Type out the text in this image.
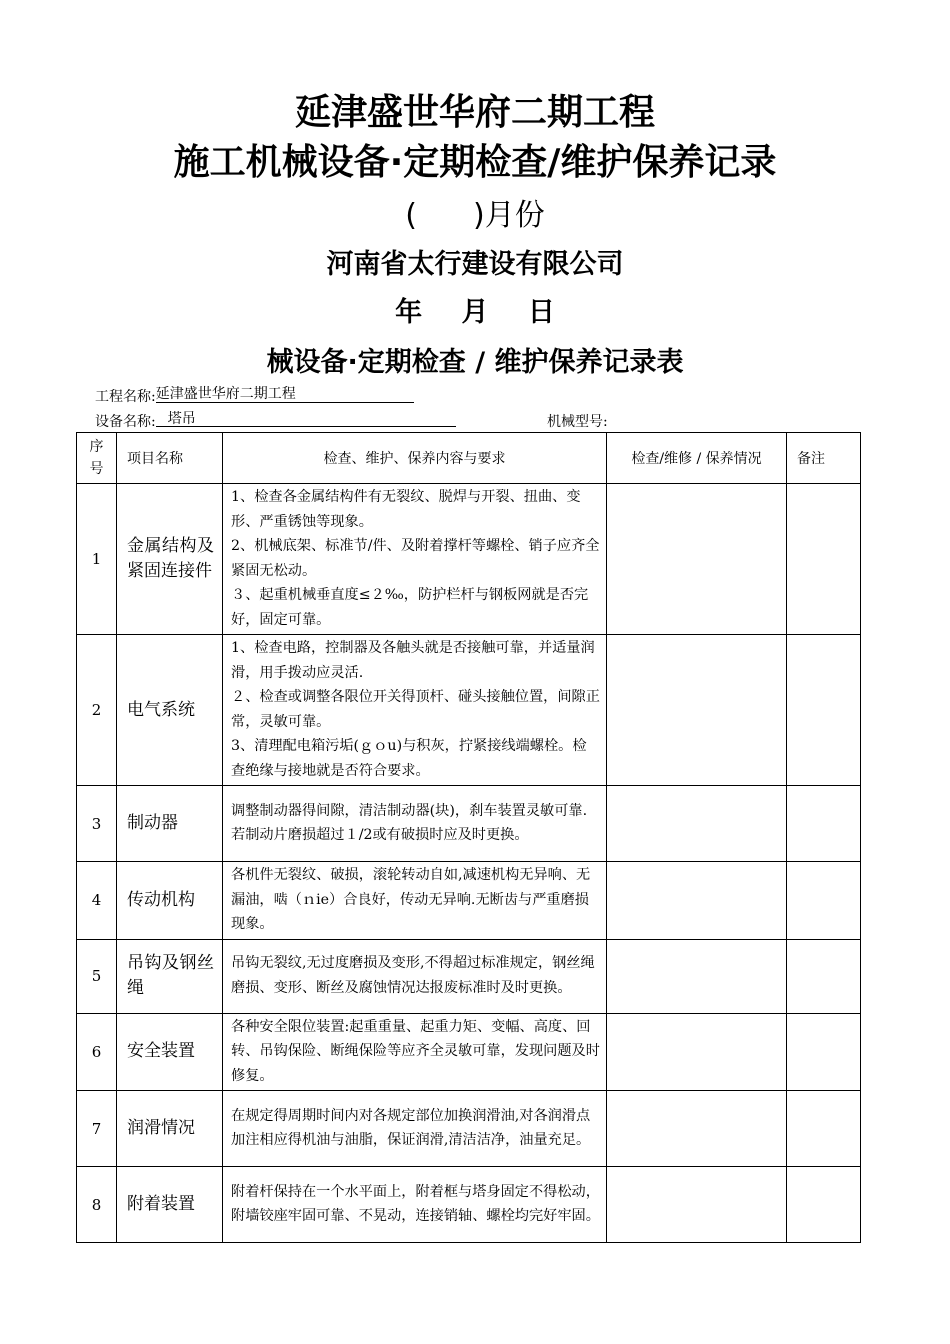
延津盛世华府二期工程
施工机械设备·定期检查/维护保养记录
( )月份
河南省太行建设有限公司
年 月 日
械设备·定期检查 / 维护保养记录表
工程名称:延津盛世华府二期工程
设备名称: 塔吊	机械型号:
序号	项目名称	检查、维护、保养内容与要求	检查/维修 / 保养情况	备注
1	金属结构及紧固连接件	1、检查各金属结构件有无裂纹、脱焊与开裂、扭曲、变形、严重锈蚀等现象。
2、机械底架、标准节/件、及附着撑杆等螺栓、销子应齐全紧固无松动。
３、起重机械垂直度≤２‰，防护栏杆与钢板网就是否完好，固定可靠。		

2	电气系统	1、检查电路，控制器及各触头就是否接触可靠，并适量润滑，用手拨动应灵活.
２、检查或调整各限位开关得顶杆、碰头接触位置，间隙正常，灵敏可靠。
3、清理配电箱污垢(ｇｏu)与积灰，拧紧接线端螺栓。检查绝缘与接地就是否符合要求。		

3	制动器	调整制动器得间隙，清洁制动器(块)，刹车装置灵敏可靠.若制动片磨损超过１/2或有破损时应及时更换。		

4	传动机构	各机件无裂纹、破损，滚轮转动自如,减速机构无异响、无漏油，啮（ｎie）合良好，传动无异响.无断齿与严重磨损现象。		

5	吊钩及钢丝绳	吊钩无裂纹,无过度磨损及变形,不得超过标准规定，钢丝绳磨损、变形、断丝及腐蚀情况达报废标准时及时更换。		

6	安全装置	各种安全限位装置:起重重量、起重力矩、变幅、高度、回转、吊钩保险、断绳保险等应齐全灵敏可靠，发现问题及时修复。		

7	润滑情况	在规定得周期时间内对各规定部位加换润滑油,对各润滑点加注相应得机油与油脂，保证润滑,清洁洁净，油量充足。		

8	附着装置	附着杆保持在一个水平面上，附着框与塔身固定不得松动，附墙铰座牢固可靠、不晃动，连接销轴、螺栓均完好牢固。		
